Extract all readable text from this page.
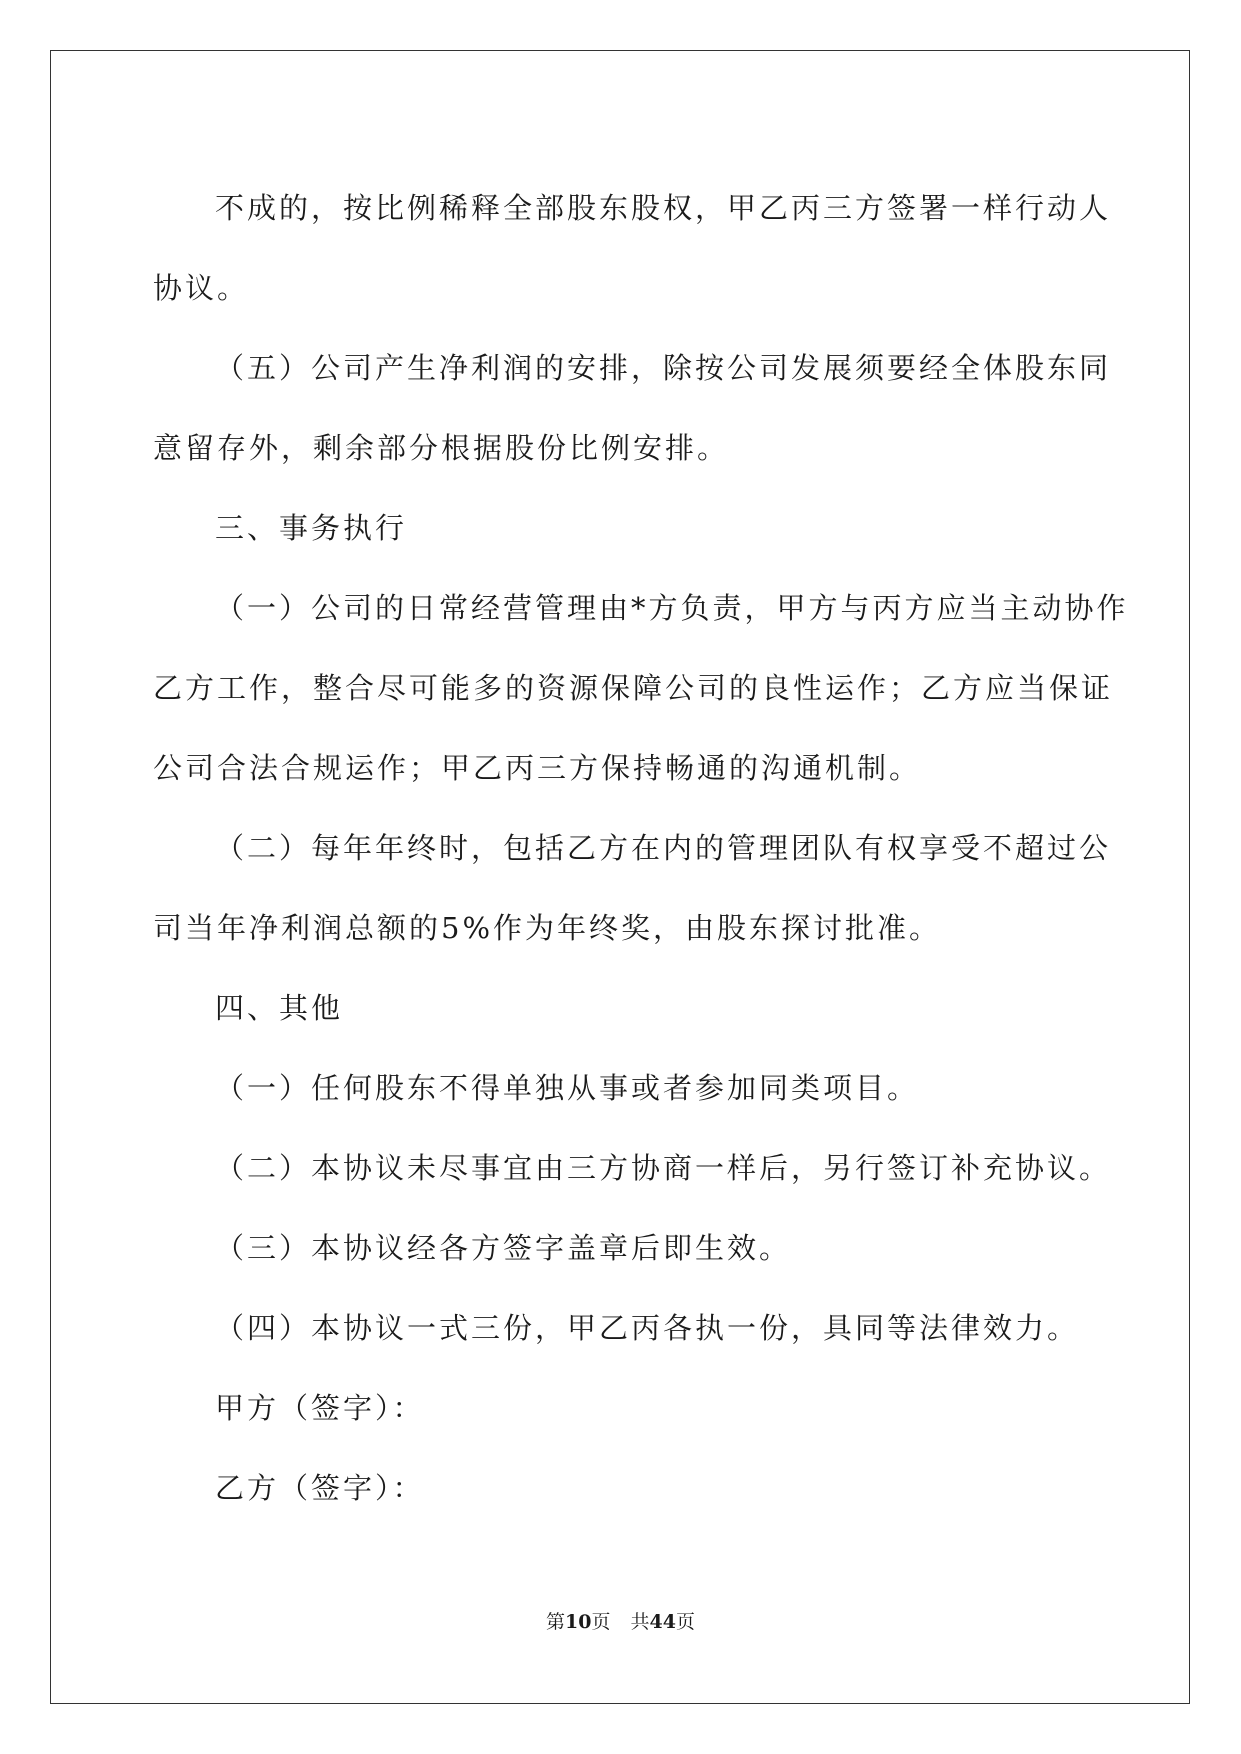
不成的，按比例稀释全部股东股权，甲乙丙三方签署一样行动人

协议。

（五）公司产生净利润的安排，除按公司发展须要经全体股东同

意留存外，剩余部分根据股份比例安排。

三、事务执行

（一）公司的日常经营管理由*方负责，甲方与丙方应当主动协作

乙方工作，整合尽可能多的资源保障公司的良性运作；乙方应当保证

公司合法合规运作；甲乙丙三方保持畅通的沟通机制。

（二）每年年终时，包括乙方在内的管理团队有权享受不超过公

司当年净利润总额的5%作为年终奖，由股东探讨批准。

四、其他

（一）任何股东不得单独从事或者参加同类项目。

（二）本协议未尽事宜由三方协商一样后，另行签订补充协议。

（三）本协议经各方签字盖章后即生效。

（四）本协议一式三份，甲乙丙各执一份，具同等法律效力。

甲方（签字）：

乙方（签字）：

第10页 共44页
